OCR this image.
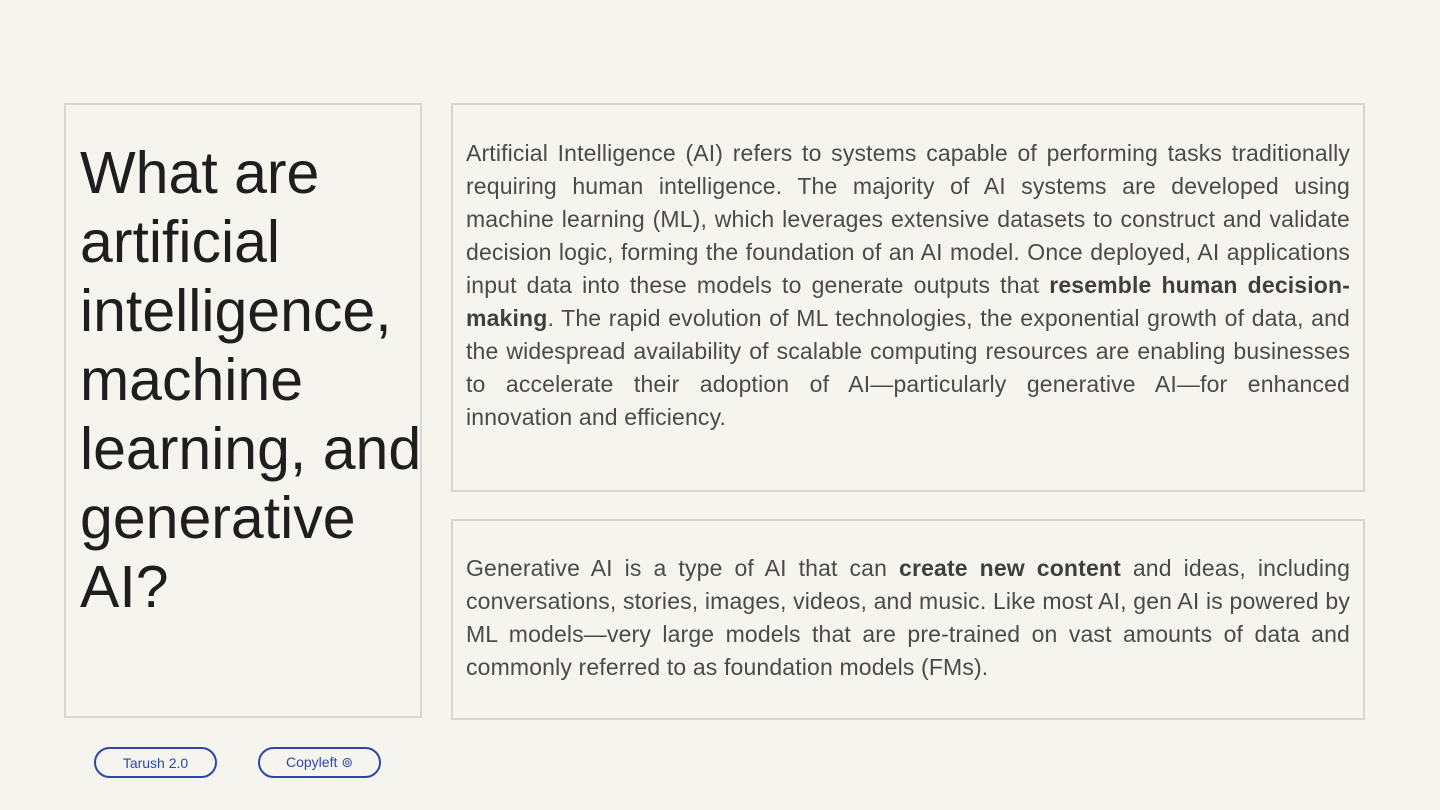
What are artificial intelligence, machine learning, and generative AI?

Artificial Intelligence (AI) refers to systems capable of performing tasks traditionally requiring human intelligence. The majority of AI systems are developed using machine learning (ML), which leverages extensive datasets to construct and validate decision logic, forming the foundation of an AI model. Once deployed, AI applications input data into these models to generate outputs that resemble human decision-making. The rapid evolution of ML technologies, the exponential growth of data, and the widespread availability of scalable computing resources are enabling businesses to accelerate their adoption of AI—particularly generative AI—for enhanced innovation and efficiency.

Generative AI is a type of AI that can create new content and ideas, including conversations, stories, images, videos, and music. Like most AI, gen AI is powered by ML models—very large models that are pre-trained on vast amounts of data and commonly referred to as foundation models (FMs).

Tarush 2.0	Copyleft ⊚
